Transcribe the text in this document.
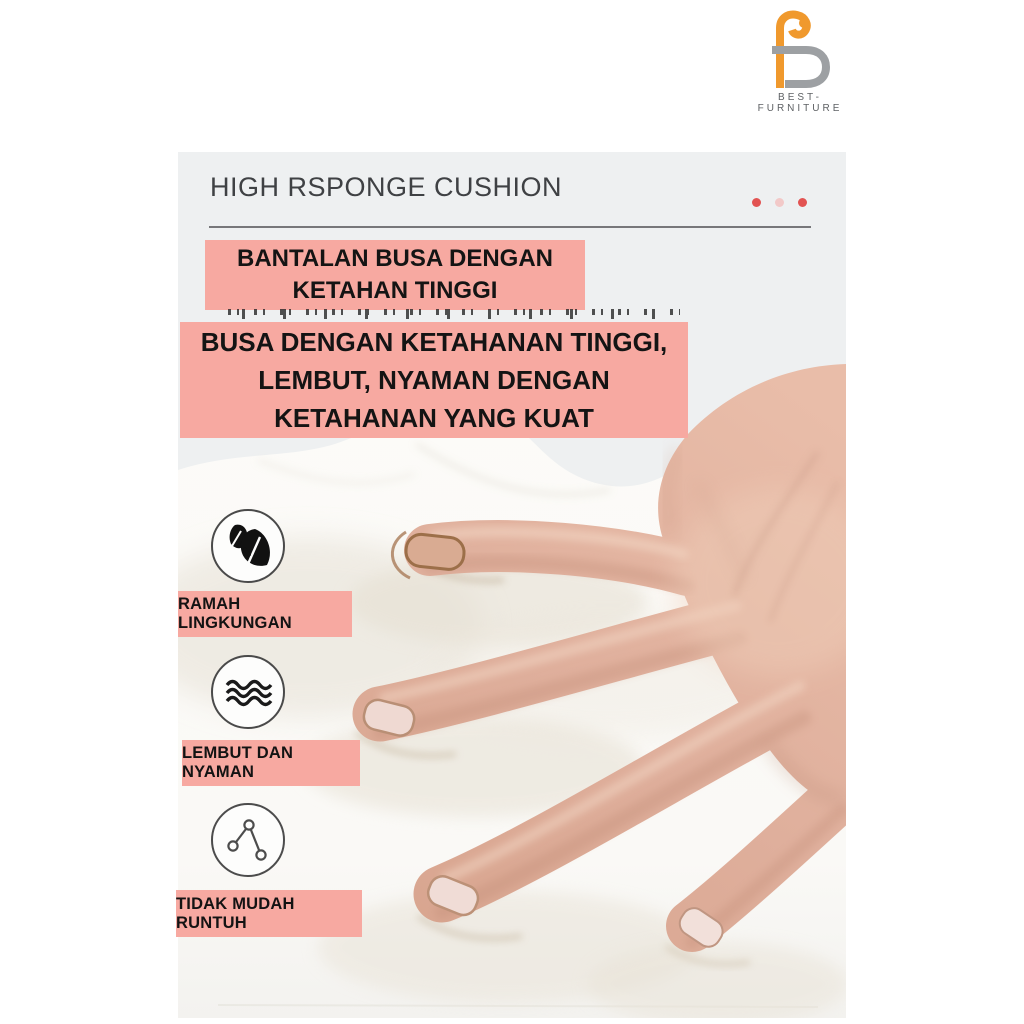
BEST-FURNITURE
HIGH RSPONGE CUSHION
BANTALAN BUSA DENGAN
KETAHAN TINGGI
BUSA DENGAN KETAHANAN TINGGI,
LEMBUT, NYAMAN DENGAN
KETAHANAN YANG KUAT
RAMAH LINGKUNGAN
LEMBUT DAN NYAMAN
TIDAK MUDAH RUNTUH
